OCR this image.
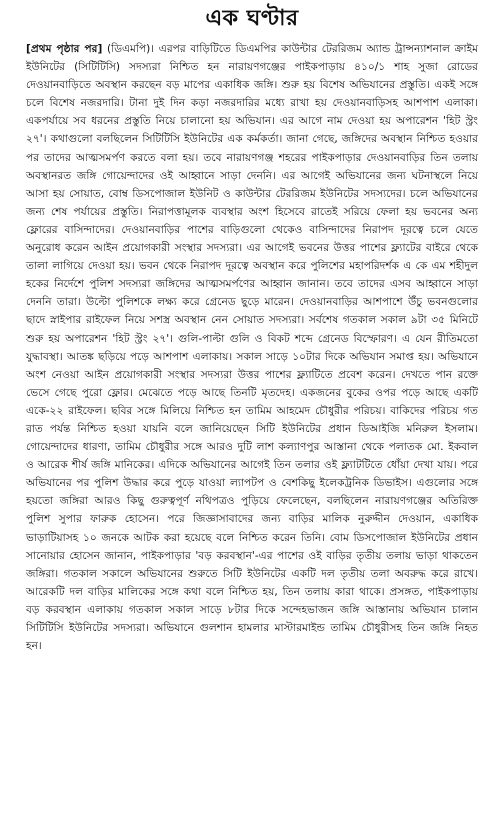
এক ঘণ্টার

[প্রথম পৃষ্ঠার পর] (ডিএমপি)। এরপর বাড়িটিতে ডিএমপির কাউন্টার টেররিজম অ্যান্ড ট্রান্সন্যাশনাল ক্রাইম ইউনিটের (সিটিটিসি) সদস্যরা নিশ্চিত হন নারায়ণগঞ্জের পাইকপাড়ায় ৪১০/১ শাহ সুজা রোডের দেওয়ানবাড়িতে অবস্থান করছেন বড় মাপের একাধিক জঙ্গি। শুরু হয় বিশেষ অভিযানের প্রস্তুতি। একই সঙ্গে চলে বিশেষ নজরদারি। টানা দুই দিন কড়া নজরদারির মধ্যে রাখা হয় দেওয়ানবাড়িসহ আশপাশ এলাকা। একপর্যায়ে সব ধরনের প্রস্তুতি নিয়ে চালানো হয় অভিযান। এর আগে নাম দেওয়া হয় অপারেশন 'হিট স্ট্রং ২৭'। কথাগুলো বলছিলেন সিটিটিসি ইউনিটের এক কর্মকর্তা। জানা গেছে, জঙ্গিদের অবস্থান নিশ্চিত হওয়ার পর তাদের আত্মসমর্পণ করতে বলা হয়। তবে নারায়ণগঞ্জ শহরের পাইকপাড়ার দেওয়ানবাড়ির তিন তলায় অবস্থানরত জঙ্গি গোয়েন্দাদের ওই আহ্বানে সাড়া দেননি। এর আগেই অভিযানের জন্য ঘটনাস্থলে নিয়ে আসা হয় সোয়াত, বোম্ব ডিসপোজাল ইউনিট ও কাউন্টার টেররিজম ইউনিটের সদস্যদের। চলে অভিযানের জন্য শেষ পর্যায়ের প্রস্তুতি। নিরাপত্তামূলক ব্যবস্থার অংশ হিসেবে রাতেই সরিয়ে ফেলা হয় ভবনের অন্য ফ্লোরের বাসিন্দাদের। দেওয়ানবাড়ির পাশের বাড়িগুলো থেকেও বাসিন্দাদের নিরাপদ দূরত্বে চলে যেতে অনুরোধ করেন আইন প্রয়োগকারী সংস্থার সদস্যরা। এর আগেই ভবনের উত্তর পাশের ফ্ল্যাটের বাইরে থেকে তালা লাগিয়ে দেওয়া হয়। ভবন থেকে নিরাপদ দূরত্বে অবস্থান করে পুলিশের মহাপরিদর্শক এ কে এম শহীদুল হকের নির্দেশে পুলিশ সদস্যরা জঙ্গিদের আত্মসমর্পণের আহ্বান জানান। তবে তাদের এসব আহ্বানে সাড়া দেননি তারা। উল্টো পুলিশকে লক্ষ্য করে গ্রেনেড ছুড়ে মারেন। দেওয়ানবাড়ির আশপাশে উঁচু ভবনগুলোর ছাদে স্নাইপার রাইফেল নিয়ে সশস্ত্র অবস্থান নেন সোয়াত সদস্যরা। সর্বশেষ গতকাল সকাল ৯টা ৩৫ মিনিটে শুরু হয় অপারেশন 'হিট স্ট্রং ২৭'। গুলি-পাল্টা গুলি ও বিকট শব্দে গ্রেনেড বিস্ফোরণ। এ যেন রীতিমতো যুদ্ধাবস্থা। আতঙ্ক ছড়িয়ে পড়ে আশপাশ এলাকায়। সকাল সাড়ে ১০টার দিকে অভিযান সমাপ্ত হয়। অভিযানে অংশ নেওয়া আইন প্রয়োগকারী সংস্থার সদস্যরা উত্তর পাশের ফ্ল্যাটিতে প্রবেশ করেন। দেখতে পান রক্তে ভেসে গেছে পুরো ফ্লোর। মেঝেতে পড়ে আছে তিনটি মৃতদেহ। একজনের বুকের ওপর পড়ে আছে একটি একে-২২ রাইফেল। ছবির সঙ্গে মিলিয়ে নিশ্চিত হন তামিম আহমেদ চৌধুরীর পরিচয়। বাকিদের পরিচয় গত রাত পর্যন্ত নিশ্চিত হওয়া যায়নি বলে জানিয়েছেন সিটি ইউনিটের প্রধান ডিআইজি মনিরুল ইসলাম। গোয়েন্দাদের ধারণা, তামিম চৌধুরীর সঙ্গে আরও দুটি লাশ কল্যাণপুর আস্তানা থেকে পলাতক মো. ইকবাল ও আরেক শীর্ষ জঙ্গি মানিকের। এদিকে অভিযানের আগেই তিন তলার ওই ফ্ল্যাটটিতে ধোঁয়া দেখা যায়। পরে অভিযানের পর পুলিশ উদ্ধার করে পুড়ে যাওয়া ল্যাপটপ ও বেশকিছু ইলেকট্রনিক ডিভাইস। এগুলোর সঙ্গে হয়তো জঙ্গিরা আরও কিছু গুরুত্বপূর্ণ নথিপত্রও পুড়িয়ে ফেলেছেন, বলছিলেন নারায়ণগঞ্জের অতিরিক্ত পুলিশ সুপার ফারুক হোসেন। পরে জিজ্ঞাসাবাদের জন্য বাড়ির মালিক নুরুদ্দীন দেওয়ান, একাধিক ভাড়াটিয়াসহ ১০ জনকে আটক করা হয়েছে বলে নিশ্চিত করেন তিনি। বোম ডিসপোজাল ইউনিটের প্রধান সানোয়ার হোসেন জানান, পাইকপাড়ার 'বড় করবস্থান'-এর পাশের ওই বাড়ির তৃতীয় তলায় ভাড়া থাকতেন জঙ্গিরা। গতকাল সকালে অভিযানের শুরুতে সিটি ইউনিটের একটি দল তৃতীয় তলা অবরুদ্ধ করে রাখে। আরেকটি দল বাড়ির মালিকের সঙ্গে কথা বলে নিশ্চিত হয়, তিন তলায় কারা থাকে। প্রসঙ্গত, পাইকপাড়ায় বড় করবস্থান এলাকায় গতকাল সকাল সাড়ে ৮টার দিকে সন্দেহভাজন জঙ্গি আস্তানায় অভিযান চালান সিটিটিসি ইউনিটের সদস্যরা। অভিযানে গুলশান হামলার মাস্টারমাইন্ড তামিম চৌধুরীসহ তিন জঙ্গি নিহত হন।
